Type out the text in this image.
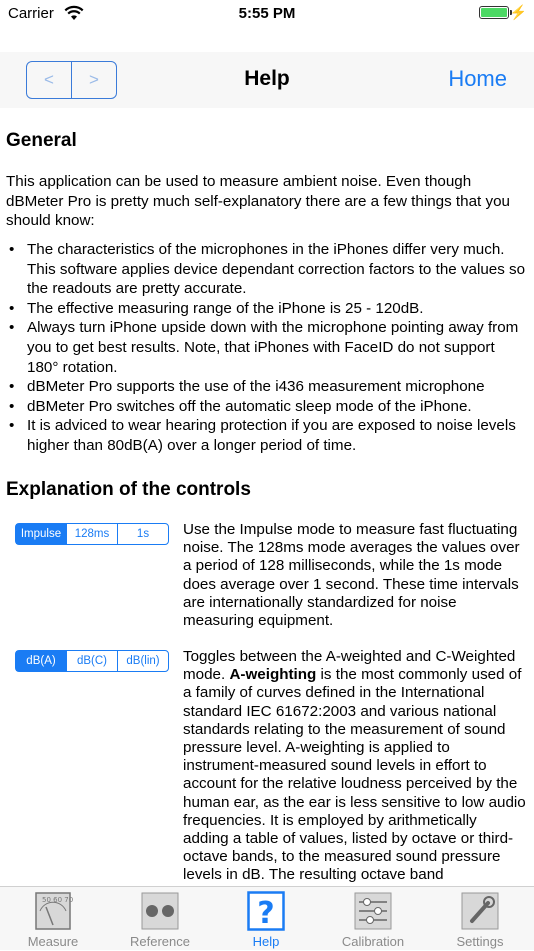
Carrier	5:55 PM	⚡
<	>	Help	Home
General

This application can be used to measure ambient noise. Even though dBMeter Pro is pretty much self-explanatory there are a few things that you should know:

• The characteristics of the microphones in the iPhones differ very much. This software applies device dependant correction factors to the values so the readouts are pretty accurate.
• The effective measuring range of the iPhone is 25 - 120dB.
• Always turn iPhone upside down with the microphone pointing away from you to get best results. Note, that iPhones with FaceID do not support 180° rotation.
• dBMeter Pro supports the use of the i436 measurement microphone
• dBMeter Pro switches off the automatic sleep mode of the iPhone.
• It is adviced to wear hearing protection if you are exposed to noise levels higher than 80dB(A) over a longer period of time.
Explanation of the controls
Impulse	128ms	1s	Use the Impulse mode to measure fast fluctuating noise. The 128ms mode averages the values over a period of 128 milliseconds, while the 1s mode does average over 1 second. These time intervals are internationally standardized for noise measuring equipment.

dB(A)	dB(C)	dB(lin)	Toggles between the A-weighted and C-Weighted mode. A-weighting is the most commonly used of a family of curves defined in the International standard IEC 61672:2003 and various national standards relating to the measurement of sound pressure level. A-weighting is applied to instrument-measured sound levels in effort to account for the relative loudness perceived by the human ear, as the ear is less sensitive to low audio frequencies. It is employed by arithmetically adding a table of values, listed by octave or third-octave bands, to the measured sound pressure levels in dB. The resulting octave band

50 60 70
Measure	Reference
?
Help	Calibration	Settings
